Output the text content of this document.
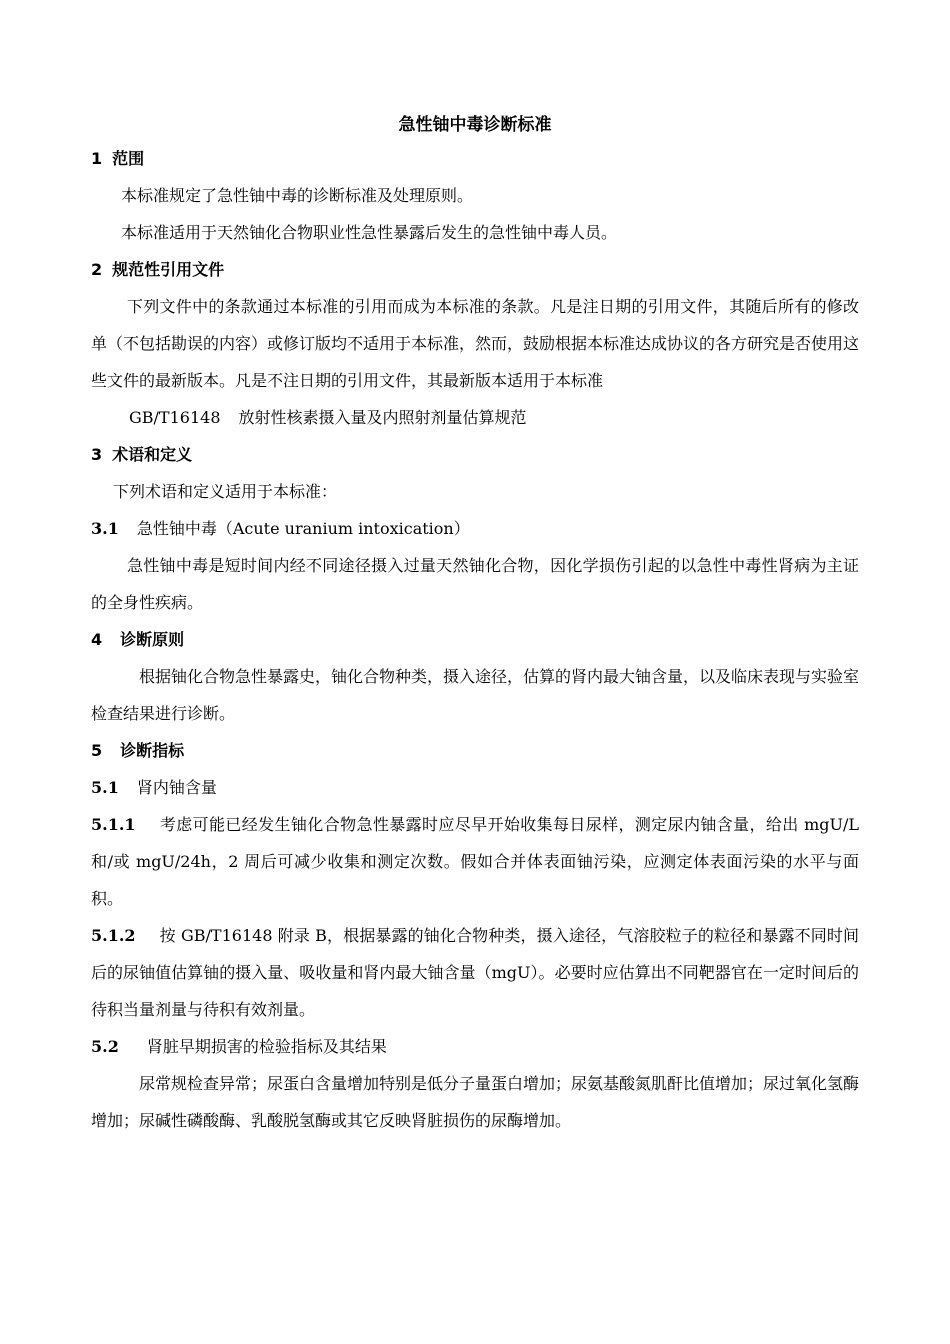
急性铀中毒诊断标准
1 范围

本标准规定了急性铀中毒的诊断标准及处理原则。

本标准适用于天然铀化合物职业性急性暴露后发生的急性铀中毒人员。

2 规范性引用文件

下列文件中的条款通过本标准的引用而成为本标准的条款。凡是注日期的引用文件，其随后所有的修改单（不包括勘误的内容）或修订版均不适用于本标准，然而，鼓励根据本标准达成协议的各方研究是否使用这些文件的最新版本。凡是不注日期的引用文件，其最新版本适用于本标准

GB/T16148 放射性核素摄入量及内照射剂量估算规范
3 术语和定义

下列术语和定义适用于本标准：

3.1 急性铀中毒（Acute uranium intoxication）

急性铀中毒是短时间内经不同途径摄入过量天然铀化合物，因化学损伤引起的以急性中毒性肾病为主证的全身性疾病。

4 诊断原则

根据铀化合物急性暴露史，铀化合物种类，摄入途径，估算的肾内最大铀含量，以及临床表现与实验室检查结果进行诊断。

5 诊断指标
5.1 肾内铀含量

5.1.1 考虑可能已经发生铀化合物急性暴露时应尽早开始收集每日尿样，测定尿内铀含量，给出 mgU/L 和/或 mgU/24h，2 周后可减少收集和测定次数。假如合并体表面铀污染，应测定体表面污染的水平与面积。

5.1.2 按 GB/T16148 附录 B，根据暴露的铀化合物种类，摄入途径，气溶胶粒子的粒径和暴露不同时间后的尿铀值估算铀的摄入量、吸收量和肾内最大铀含量（mgU）。必要时应估算出不同靶器官在一定时间后的待积当量剂量与待积有效剂量。

5.2 肾脏早期损害的检验指标及其结果

尿常规检查异常；尿蛋白含量增加特别是低分子量蛋白增加；尿氨基酸氮肌酐比值增加；尿过氧化氢酶增加；尿碱性磷酸酶、乳酸脱氢酶或其它反映肾脏损伤的尿酶增加。
